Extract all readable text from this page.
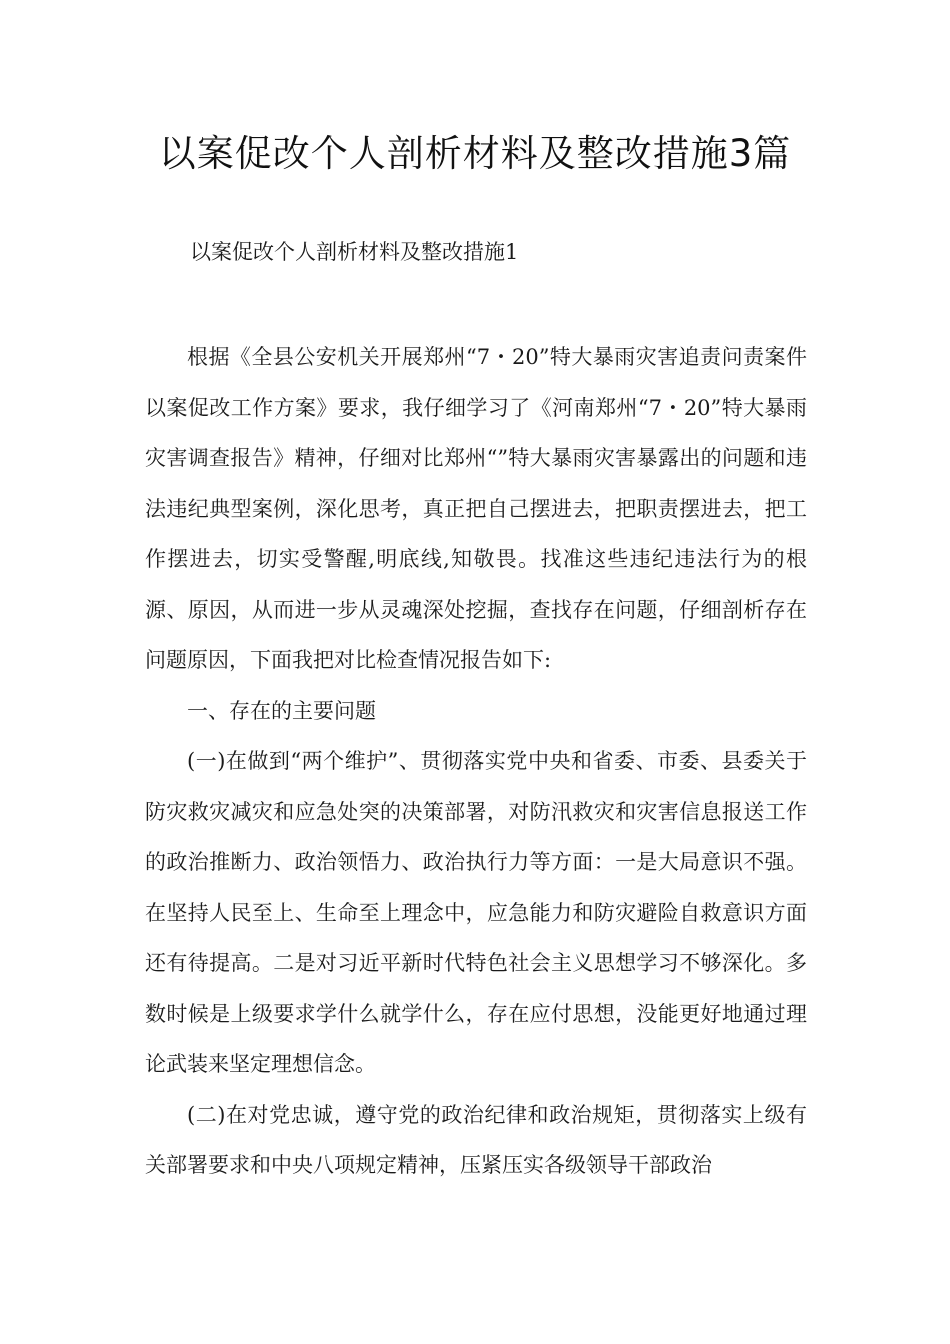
以案促改个人剖析材料及整改措施3篇
以案促改个人剖析材料及整改措施1

根据《全县公安机关开展郑州“7・20”特大暴雨灾害追责问责案件以案促改工作方案》要求，我仔细学习了《河南郑州“7・20”特大暴雨灾害调查报告》精神，仔细对比郑州“”特大暴雨灾害暴露出的问题和违法违纪典型案例，深化思考，真正把自己摆进去，把职责摆进去，把工作摆进去，切实受警醒,明底线,知敬畏。找准这些违纪违法行为的根源、原因，从而进一步从灵魂深处挖掘，查找存在问题，仔细剖析存在问题原因，下面我把对比检查情况报告如下:

一、存在的主要问题

(一)在做到“两个维护”、贯彻落实党中央和省委、市委、县委关于防灾救灾减灾和应急处突的决策部署，对防汛救灾和灾害信息报送工作的政治推断力、政治领悟力、政治执行力等方面：一是大局意识不强。在坚持人民至上、生命至上理念中，应急能力和防灾避险自救意识方面还有待提高。二是对习近平新时代特色社会主义思想学习不够深化。多数时候是上级要求学什么就学什么，存在应付思想，没能更好地通过理论武装来坚定理想信念。

(二)在对党忠诚，遵守党的政治纪律和政治规矩，贯彻落实上级有关部署要求和中央八项规定精神，压紧压实各级领导干部政治
